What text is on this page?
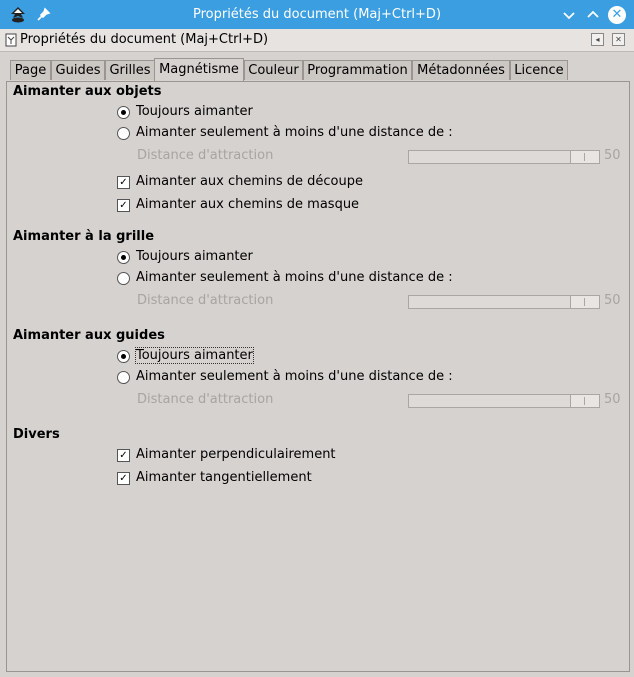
Propriétés du document (Maj+Ctrl+D)	✕
Propriétés du document (Maj+Ctrl+D)	◂	✕
Page Guides Grilles Magnétisme Couleur Programmation Métadonnées Licence
Aimanter aux objets
Toujours aimanter
Aimanter seulement à moins d'une distance de :
Distance d'attraction	50
✓ Aimanter aux chemins de découpe
✓ Aimanter aux chemins de masque
Aimanter à la grille
Toujours aimanter
Aimanter seulement à moins d'une distance de :
Distance d'attraction	50
Aimanter aux guides
Toujours aimanter
Aimanter seulement à moins d'une distance de :
Distance d'attraction	50
Divers
✓ Aimanter perpendiculairement
✓ Aimanter tangentiellement
